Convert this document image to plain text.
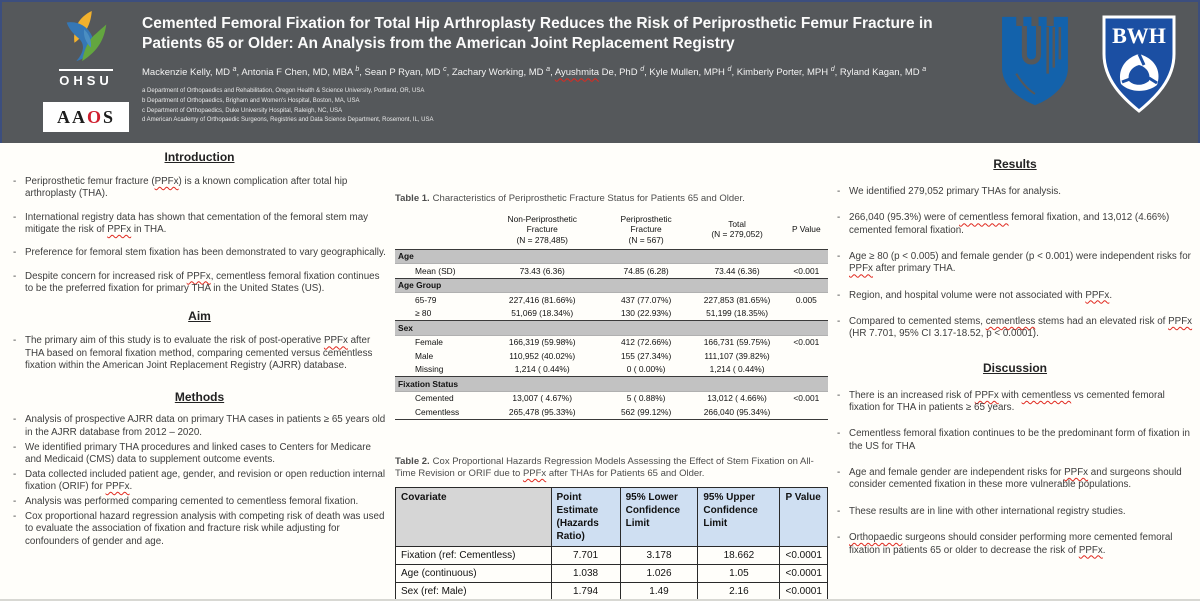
OHSU
AAOS
Cemented Femoral Fixation for Total Hip Arthroplasty Reduces the Risk of Periprosthetic Femur Fracture in Patients 65 or Older: An Analysis from the American Joint Replacement Registry
Mackenzie Kelly, MD $^a$, Antonia F Chen, MD, MBA $^b$, Sean P Ryan, MD $^c$, Zachary Working, MD $^a$, Ayushmita De, PhD $^d$, Kyle Mullen, MPH $^d$, Kimberly Porter, MPH $^d$, Ryland Kagan, MD $^a$
a Department of Orthopaedics and Rehabilitation, Oregon Health & Science University, Portland, OR, USA
b Department of Orthopaedics, Brigham and Women's Hospital, Boston, MA, USA
c Department of Orthopaedics, Duke University Hospital, Raleigh, NC, USA
d American Academy of Orthopaedic Surgeons, Registries and Data Science Department, Rosemont, IL, USA
BWH
Introduction
- Periprosthetic femur fracture (PPFx) is a known complication after total hip arthroplasty (THA).
- International registry data has shown that cementation of the femoral stem may mitigate the risk of PPFx in THA.
- Preference for femoral stem fixation has been demonstrated to vary geographically.
- Despite concern for increased risk of PPFx, cementless femoral fixation continues to be the preferred fixation for primary THA in the United States (US).
Aim
- The primary aim of this study is to evaluate the risk of post-operative PPFx after THA based on femoral fixation method, comparing cemented versus cementless fixation within the American Joint Replacement Registry (AJRR) database.
Methods
- Analysis of prospective AJRR data on primary THA cases in patients ≥ 65 years old in the AJRR database from 2012 – 2020.
- We identified primary THA procedures and linked cases to Centers for Medicare and Medicaid (CMS) data to supplement outcome events.
- Data collected included patient age, gender, and revision or open reduction internal fixation (ORIF) for PPFx.
- Analysis was performed comparing cemented to cementless femoral fixation.
- Cox proportional hazard regression analysis with competing risk of death was used to evaluate the association of fixation and fracture risk while adjusting for confounders of gender and age.
Table 1. Characteristics of Periprosthetic Fracture Status for Patients 65 and Older.
	Non-Periprosthetic
Fracture
(N = 278,485)	Periprosthetic Fracture
(N = 567)	Total
(N = 279,052)	P Value
Age				
Mean (SD)	73.43 (6.36)	74.85 (6.28)	73.44 (6.36)	<0.001
Age Group				
65-79	227,416 (81.66%)	437 (77.07%)	227,853 (81.65%)	0.005
≥ 80	51,069 (18.34%)	130 (22.93%)	51,199 (18.35%)	
Sex				
Female	166,319 (59.98%)	412 (72.66%)	166,731 (59.75%)	<0.001
Male	110,952 (40.02%)	155 (27.34%)	111,107 (39.82%)	
Missing	1,214 ( 0.44%)	0 ( 0.00%)	1,214 ( 0.44%)	
Fixation Status				
Cemented	13,007 ( 4.67%)	5 ( 0.88%)	13,012 ( 4.66%)	<0.001
Cementless	265,478 (95.33%)	562 (99.12%)	266,040 (95.34%)	
Table 2. Cox Proportional Hazards Regression Models Assessing the Effect of Stem Fixation on All-Time Revision or ORIF due to PPFx after THAs for Patients 65 and Older.
Covariate	Point Estimate
(Hazards
Ratio)	95% Lower
Confidence
Limit	95% Upper
Confidence Limit	P Value
Fixation (ref: Cementless)	7.701	3.178	18.662	<0.0001
Age (continuous)	1.038	1.026	1.05	<0.0001
Sex (ref: Male)	1.794	1.49	2.16	<0.0001
Results
- We identified 279,052 primary THAs for analysis.
- 266,040 (95.3%) were of cementless femoral fixation, and 13,012 (4.66%) cemented femoral fixation.
- Age ≥ 80 (p < 0.005) and female gender (p < 0.001) were independent risks for PPFx after primary THA.
- Region, and hospital volume were not associated with PPFx.
- Compared to cemented stems, cementless stems had an elevated risk of PPFx (HR 7.701, 95% CI 3.17-18.52, p < 0.0001).
Discussion
- There is an increased risk of PPFx with cementless vs cemented femoral fixation for THA in patients ≥ 65 years.
- Cementless femoral fixation continues to be the predominant form of fixation in the US for THA
- Age and female gender are independent risks for PPFx and surgeons should consider cemented fixation in these more vulnerable populations.
- These results are in line with other international registry studies.
- Orthopaedic surgeons should consider performing more cemented femoral fixation in patients 65 or older to decrease the risk of PPFx.
